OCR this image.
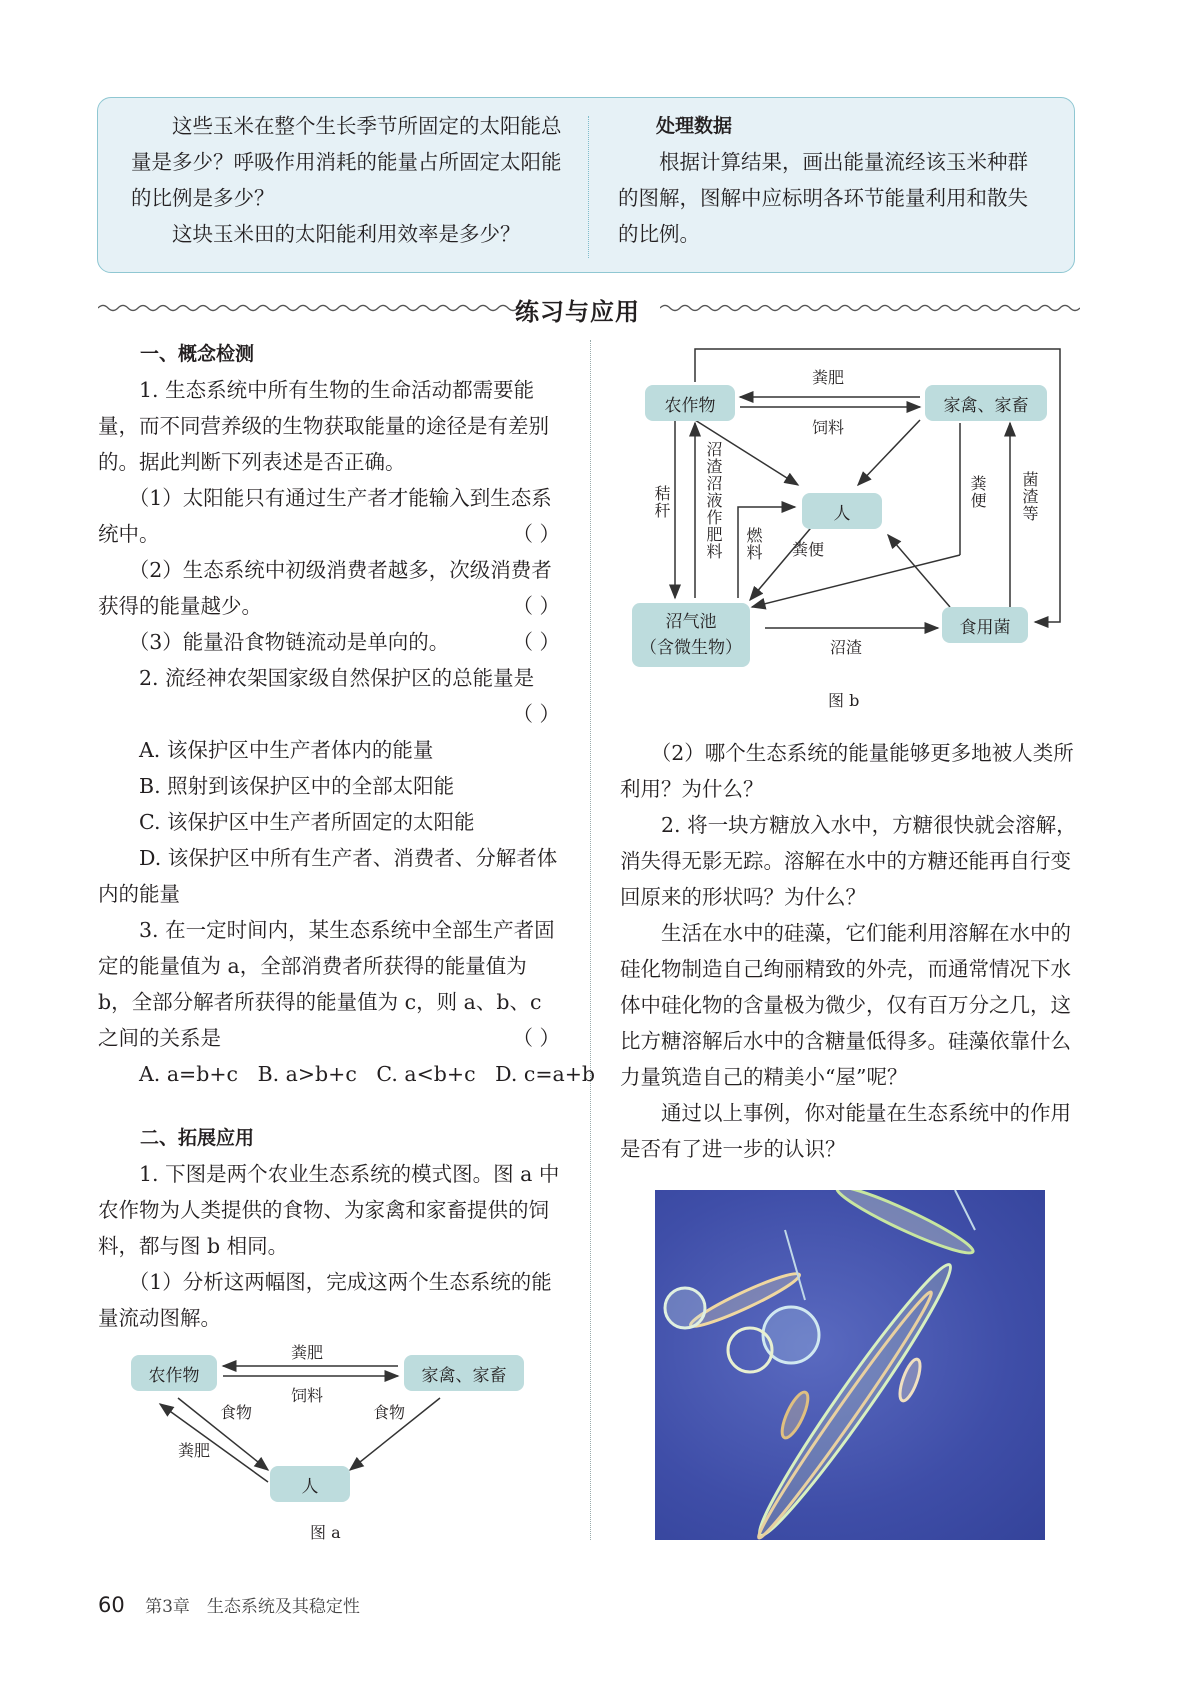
这些玉米在整个生长季节所固定的太阳能总量是多少？呼吸作用消耗的能量占所固定太阳能的比例是多少？

这块玉米田的太阳能利用效率是多少？

处理数据

根据计算结果，画出能量流经该玉米种群的图解，图解中应标明各环节能量利用和散失的比例。

练习与应用

一、概念检测

1. 生态系统中所有生物的生命活动都需要能量，而不同营养级的生物获取能量的途径是有差别的。据此判断下列表述是否正确。

（1）太阳能只有通过生产者才能输入到生态系统中。	（ ）

（2）生态系统中初级消费者越多，次级消费者获得的能量越少。	（ ）

（3）能量沿食物链流动是单向的。	（ ）

2. 流经神农架国家级自然保护区的总能量是

（ ）

A. 该保护区中生产者体内的能量

B. 照射到该保护区中的全部太阳能

C. 该保护区中生产者所固定的太阳能

D. 该保护区中所有生产者、消费者、分解者体内的能量

3. 在一定时间内，某生态系统中全部生产者固定的能量值为 a，全部消费者所获得的能量值为 b，全部分解者所获得的能量值为 c，则 a、b、c 之间的关系是	（ ）

A. a=b+c   B. a>b+c   C. a<b+c   D. c=a+b

二、拓展应用

1. 下图是两个农业生态系统的模式图。图 a 中农作物为人类提供的食物、为家禽和家畜提供的饲料，都与图 b 相同。

（1）分析这两幅图，完成这两个生态系统的能量流动图解。

农作物	家禽、家畜
人
粪肥
饲料
食物	食物
粪肥
图 a
农作物	家禽、家畜
人
沼气池
（含微生物）
食用菌
粪肥
饲料
秸秆 沼渣沼液作肥料 燃料 粪便
粪便 菌渣等
沼渣
图 b

（2）哪个生态系统的能量能够更多地被人类所利用？为什么？

2. 将一块方糖放入水中，方糖很快就会溶解，消失得无影无踪。溶解在水中的方糖还能再自行变回原来的形状吗？为什么？

生活在水中的硅藻，它们能利用溶解在水中的硅化物制造自己绚丽精致的外壳，而通常情况下水体中硅化物的含量极为微少，仅有百万分之几，这比方糖溶解后水中的含糖量低得多。硅藻依靠什么力量筑造自己的精美小“屋”呢？

通过以上事例，你对能量在生态系统中的作用是否有了进一步的认识？

60 第3章　生态系统及其稳定性
